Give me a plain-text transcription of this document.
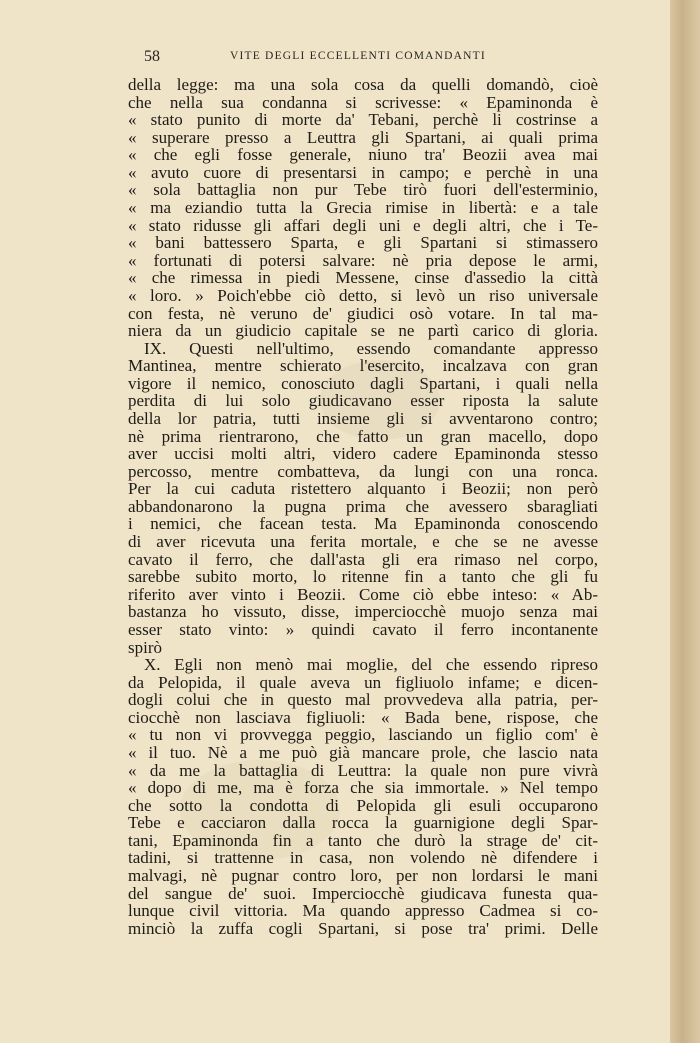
58	VITE DEGLI ECCELLENTI COMANDANTI
della legge: ma una sola cosa da quelli domandò, cioè
che nella sua condanna si scrivesse: « Epaminonda è
« stato punito di morte da' Tebani, perchè li costrinse a
« superare presso a Leuttra gli Spartani, ai quali prima
« che egli fosse generale, niuno tra' Beozii avea mai
« avuto cuore di presentarsi in campo; e perchè in una
« sola battaglia non pur Tebe tirò fuori dell'esterminio,
« ma eziandio tutta la Grecia rimise in libertà: e a tale
« stato ridusse gli affari degli uni e degli altri, che i Te-
« bani battessero Sparta, e gli Spartani si stimassero
« fortunati di potersi salvare: nè pria depose le armi,
« che rimessa in piedi Messene, cinse d'assedio la città
« loro. » Poich'ebbe ciò detto, si levò un riso universale
con festa, nè veruno de' giudici osò votare. In tal ma-
niera da un giudicio capitale se ne partì carico di gloria.
IX. Questi nell'ultimo, essendo comandante appresso
Mantinea, mentre schierato l'esercito, incalzava con gran
vigore il nemico, conosciuto dagli Spartani, i quali nella
perdita di lui solo giudicavano esser riposta la salute
della lor patria, tutti insieme gli si avventarono contro;
nè prima rientrarono, che fatto un gran macello, dopo
aver uccisi molti altri, videro cadere Epaminonda stesso
percosso, mentre combatteva, da lungi con una ronca.
Per la cui caduta ristettero alquanto i Beozii; non però
abbandonarono la pugna prima che avessero sbaragliati
i nemici, che facean testa. Ma Epaminonda conoscendo
di aver ricevuta una ferita mortale, e che se ne avesse
cavato il ferro, che dall'asta gli era rimaso nel corpo,
sarebbe subito morto, lo ritenne fin a tanto che gli fu
riferito aver vinto i Beozii. Come ciò ebbe inteso: « Ab-
bastanza ho vissuto, disse, imperciocchè muojo senza mai
esser stato vinto: » quindi cavato il ferro incontanente
spirò
X. Egli non menò mai moglie, del che essendo ripreso
da Pelopida, il quale aveva un figliuolo infame; e dicen-
dogli colui che in questo mal provvedeva alla patria, per-
ciocchè non lasciava figliuoli: « Bada bene, rispose, che
« tu non vi provvegga peggio, lasciando un figlio com' è
« il tuo. Nè a me può già mancare prole, che lascio nata
« da me la battaglia di Leuttra: la quale non pure vivrà
« dopo di me, ma è forza che sia immortale. » Nel tempo
che sotto la condotta di Pelopida gli esuli occuparono
Tebe e cacciaron dalla rocca la guarnigione degli Spar-
tani, Epaminonda fin a tanto che durò la strage de' cit-
tadini, si trattenne in casa, non volendo nè difendere i
malvagi, nè pugnar contro loro, per non lordarsi le mani
del sangue de' suoi. Imperciocchè giudicava funesta qua-
lunque civil vittoria. Ma quando appresso Cadmea si co-
minciò la zuffa cogli Spartani, si pose tra' primi. Delle
